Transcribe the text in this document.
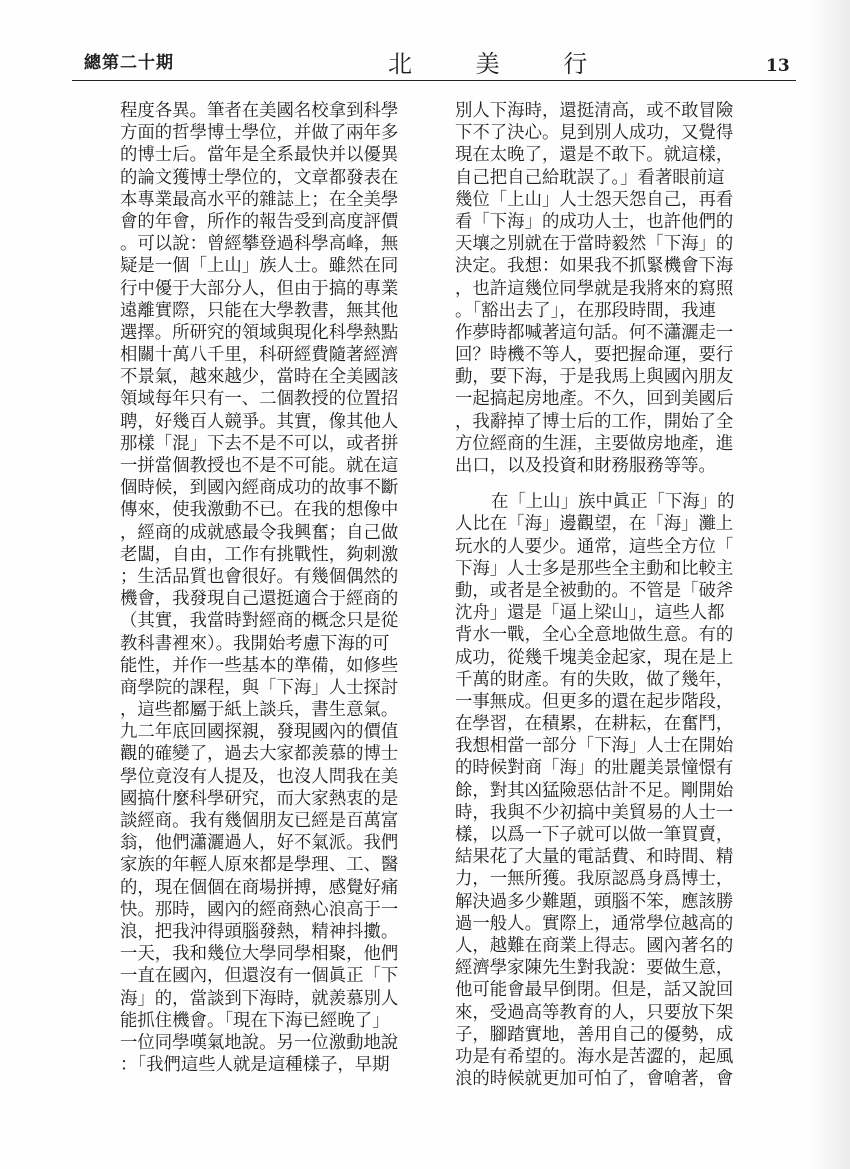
總第二十期	北 美 行	13
程度各異。筆者在美國名校拿到科學
方面的哲學博士學位，并做了兩年多
的博士后。當年是全系最快并以優異
的論文獲博士學位的，文章都發表在
本專業最高水平的雜誌上；在全美學
會的年會，所作的報告受到高度評價
。可以說：曾經攀登過科學高峰，無
疑是一個「上山」族人士。雖然在同
行中優于大部分人，但由于搞的專業
遠離實際，只能在大學教書，無其他
選擇。所研究的領域與現化科學熱點
相關十萬八千里，科研經費隨著經濟
不景氣，越來越少，當時在全美國該
領域每年只有一、二個教授的位置招
聘，好幾百人競爭。其實，像其他人
那樣「混」下去不是不可以，或者拼
一拼當個教授也不是不可能。就在這
個時候，到國內經商成功的故事不斷
傳來，使我激動不已。在我的想像中
，經商的成就感最令我興奮；自己做
老闆，自由，工作有挑戰性，夠刺激
；生活品質也會很好。有幾個偶然的
機會，我發現自己還挺適合于經商的
（其實，我當時對經商的概念只是從
教科書裡來）。我開始考慮下海的可
能性，并作一些基本的準備，如修些
商學院的課程，與「下海」人士探討
，這些都屬于紙上談兵，書生意氣。
九二年底回國探親，發現國內的價值
觀的確變了，過去大家都羨慕的博士
學位竟沒有人提及，也沒人問我在美
國搞什麼科學研究，而大家熱衷的是
談經商。我有幾個朋友已經是百萬富
翁，他們瀟灑過人，好不氣派。我們
家族的年輕人原來都是學理、工、醫
的，現在個個在商場拼搏，感覺好痛
快。那時，國內的經商熱心浪高于一
浪，把我沖得頭腦發熱，精神抖擻。
一天，我和幾位大學同學相聚，他們
一直在國內，但還沒有一個眞正「下
海」的，當談到下海時，就羨慕別人
能抓住機會。「現在下海已經晚了」
一位同學嘆氣地說。另一位激動地說
：「我們這些人就是這種樣子，早期
別人下海時，還挺清高，或不敢冒險
下不了決心。見到別人成功，又覺得
現在太晚了，還是不敢下。就這樣，
自己把自己給耽誤了。」看著眼前這
幾位「上山」人士怨天怨自己，再看
看「下海」的成功人士，也許他們的
天壤之別就在于當時毅然「下海」的
決定。我想：如果我不抓緊機會下海
，也許這幾位同學就是我將來的寫照
。「豁出去了」，在那段時間，我連
作夢時都喊著這句話。何不瀟灑走一
回？時機不等人，要把握命運，要行
動，要下海，于是我馬上與國內朋友
一起搞起房地產。不久，回到美國后
，我辭掉了博士后的工作，開始了全
方位經商的生涯，主要做房地產，進
出口，以及投資和財務服務等等。
在「上山」族中眞正「下海」的
人比在「海」邊觀望，在「海」灘上
玩水的人要少。通常，這些全方位「
下海」人士多是那些全主動和比較主
動，或者是全被動的。不管是「破斧
沈舟」還是「逼上梁山」，這些人都
背水一戰，全心全意地做生意。有的
成功，從幾千塊美金起家，現在是上
千萬的財產。有的失敗，做了幾年，
一事無成。但更多的還在起步階段，
在學習，在積累，在耕耘，在奮鬥，
我想相當一部分「下海」人士在開始
的時候對商「海」的壯麗美景憧憬有
餘，對其凶猛險惡估計不足。剛開始
時，我與不少初搞中美貿易的人士一
樣，以爲一下子就可以做一筆買賣，
結果花了大量的電話費、和時間、精
力，一無所獲。我原認爲身爲博士，
解決過多少難題，頭腦不笨，應該勝
過一般人。實際上，通常學位越高的
人，越難在商業上得志。國內著名的
經濟學家陳先生對我說：要做生意，
他可能會最早倒閉。但是，話又說回
來，受過高等教育的人，只要放下架
子，腳踏實地，善用自己的優勢，成
功是有希望的。海水是苦澀的，起風
浪的時候就更加可怕了，會嗆著，會
